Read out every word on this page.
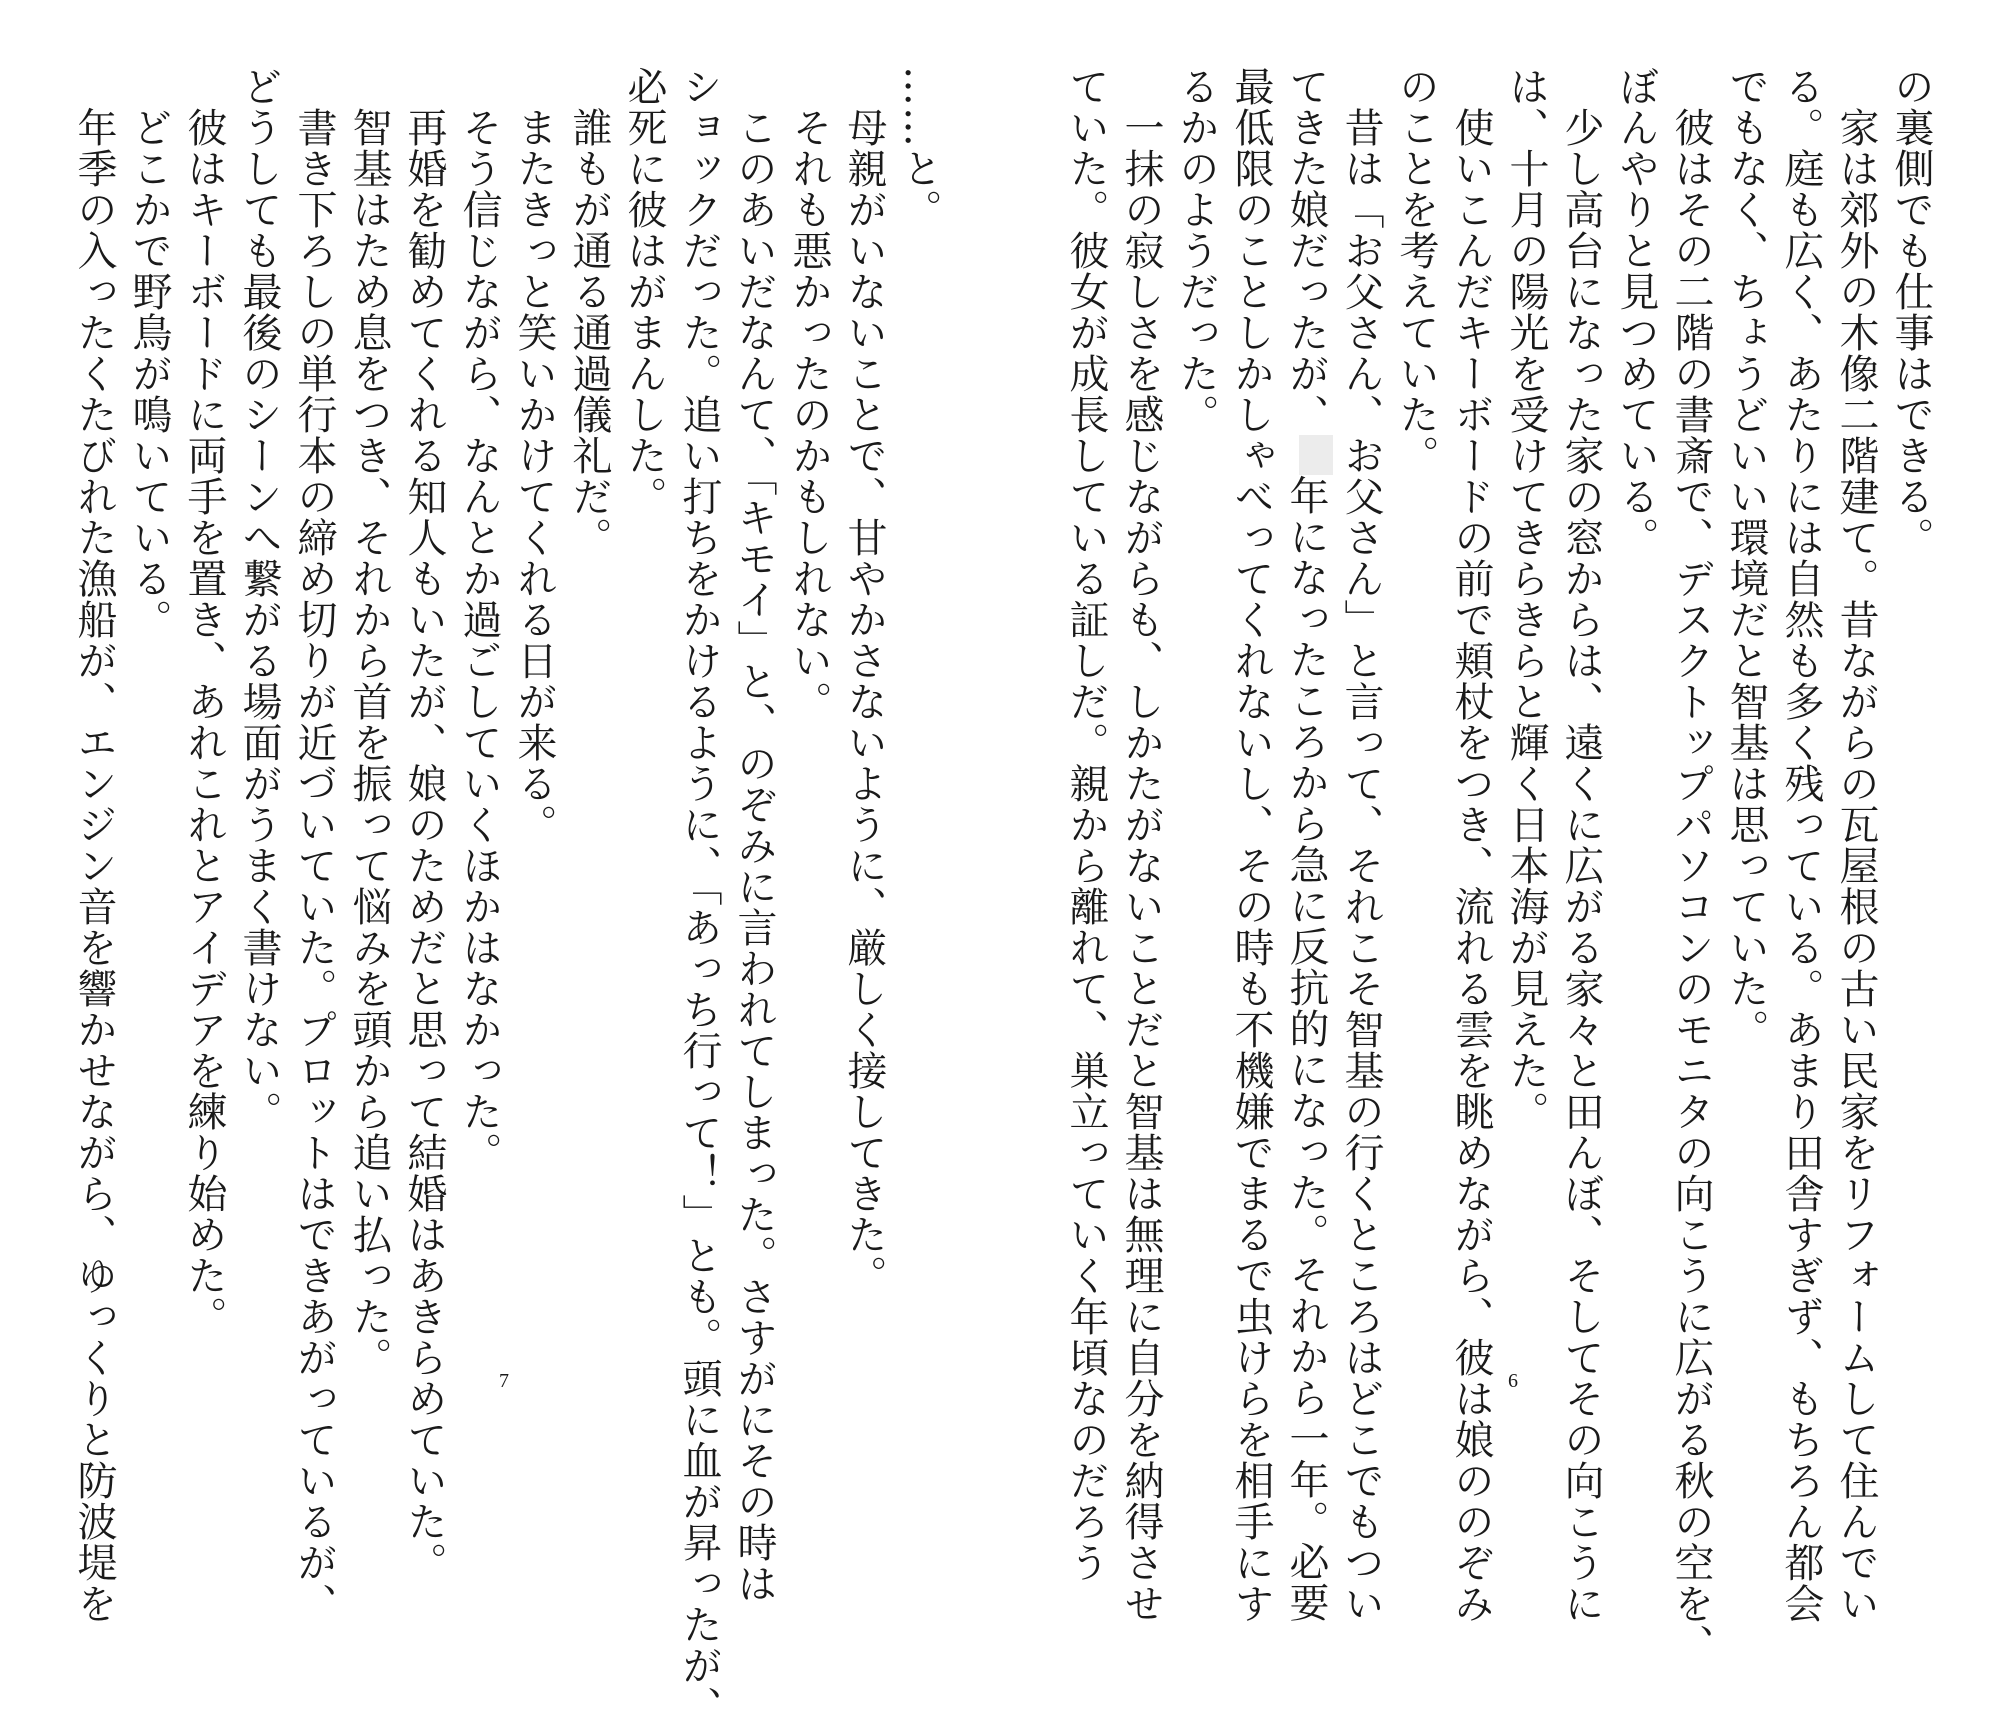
の裏側でも仕事はできる。
家は郊外の木像二階建て。昔ながらの瓦屋根の古い民家をリフォームして住んでい
る。庭も広く、あたりには自然も多く残っている。あまり田舎すぎず、もちろん都会
でもなく、ちょうどいい環境だと智基は思っていた。
彼はその二階の書斎で、デスクトップパソコンのモニタの向こうに広がる秋の空を、
ぼんやりと見つめている。
少し高台になった家の窓からは、遠くに広がる家々と田んぼ、そしてその向こうに
は、十月の陽光を受けてきらきらと輝く日本海が見えた。
使いこんだキーボードの前で頬杖をつき、流れる雲を眺めながら、彼は娘ののぞみ
のことを考えていた。
昔は「お父さん、お父さん」と言って、それこそ智基の行くところはどこでもつい
てきた娘だったが、年になったころから急に反抗的になった。それから一年。必要
最低限のことしかしゃべってくれないし、その時も不機嫌でまるで虫けらを相手にす
るかのようだった。
一抹の寂しさを感じながらも、しかたがないことだと智基は無理に自分を納得させ
ていた。彼女が成長している証しだ。親から離れて、巣立っていく年頃なのだろう	6
……と。
母親がいないことで、甘やかさないように、厳しく接してきた。
それも悪かったのかもしれない。
このあいだなんて、「キモイ」と、のぞみに言われてしまった。さすがにその時は
ショックだった。追い打ちをかけるように、「あっち行って！」とも。頭に血が昇ったが、
必死に彼はがまんした。
誰もが通る通過儀礼だ。
またきっと笑いかけてくれる日が来る。
そう信じながら、なんとか過ごしていくほかはなかった。
再婚を勧めてくれる知人もいたが、娘のためだと思って結婚はあきらめていた。
智基はため息をつき、それから首を振って悩みを頭から追い払った。
書き下ろしの単行本の締め切りが近づいていた。プロットはできあがっているが、
どうしても最後のシーンへ繋がる場面がうまく書けない。
彼はキーボードに両手を置き、あれこれとアイデアを練り始めた。
どこかで野鳥が鳴いている。
年季の入ったくたびれた漁船が、エンジン音を響かせながら、ゆっくりと防波堤を	7
